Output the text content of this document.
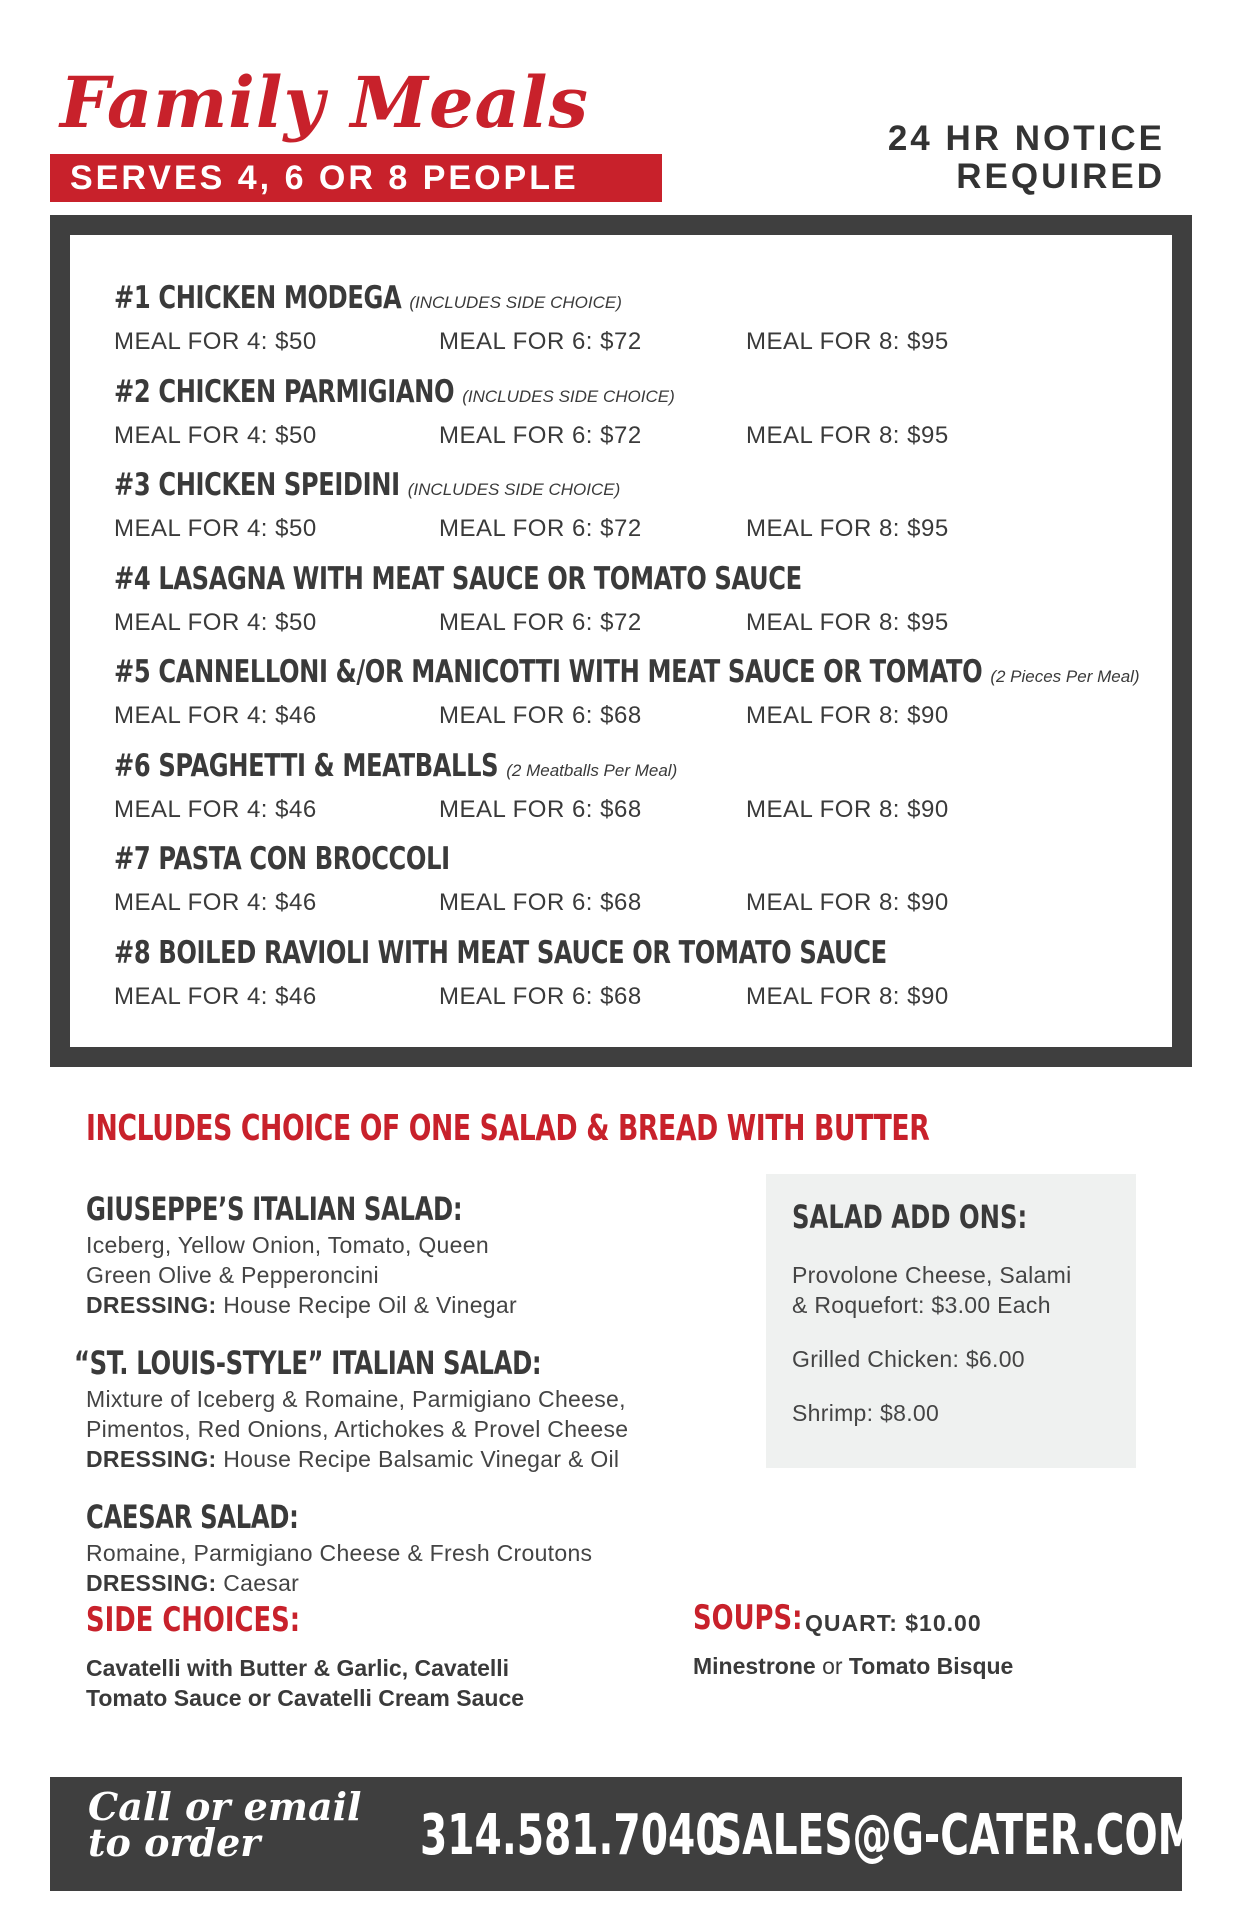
Family Meals
SERVES 4, 6 OR 8 PEOPLE
24 HR NOTICE
REQUIRED
#1 CHICKEN MODEGA (INCLUDES SIDE CHOICE)
MEAL FOR 4: $50	MEAL FOR 6: $72	MEAL FOR 8: $95
#2 CHICKEN PARMIGIANO (INCLUDES SIDE CHOICE)
MEAL FOR 4: $50	MEAL FOR 6: $72	MEAL FOR 8: $95
#3 CHICKEN SPEIDINI (INCLUDES SIDE CHOICE)
MEAL FOR 4: $50	MEAL FOR 6: $72	MEAL FOR 8: $95
#4 LASAGNA WITH MEAT SAUCE OR TOMATO SAUCE
MEAL FOR 4: $50	MEAL FOR 6: $72	MEAL FOR 8: $95
#5 CANNELLONI &/OR MANICOTTI WITH MEAT SAUCE OR TOMATO (2 Pieces Per Meal)
MEAL FOR 4: $46	MEAL FOR 6: $68	MEAL FOR 8: $90
#6 SPAGHETTI & MEATBALLS (2 Meatballs Per Meal)
MEAL FOR 4: $46	MEAL FOR 6: $68	MEAL FOR 8: $90
#7 PASTA CON BROCCOLI
MEAL FOR 4: $46	MEAL FOR 6: $68	MEAL FOR 8: $90
#8 BOILED RAVIOLI WITH MEAT SAUCE OR TOMATO SAUCE
MEAL FOR 4: $46	MEAL FOR 6: $68	MEAL FOR 8: $90
INCLUDES CHOICE OF ONE SALAD & BREAD WITH BUTTER
GIUSEPPE’S ITALIAN SALAD:
Iceberg, Yellow Onion, Tomato, Queen
Green Olive & Pepperoncini
DRESSING: House Recipe Oil & Vinegar
“ST. LOUIS-STYLE” ITALIAN SALAD:
Mixture of Iceberg & Romaine, Parmigiano Cheese,
Pimentos, Red Onions, Artichokes & Provel Cheese
DRESSING: House Recipe Balsamic Vinegar & Oil
CAESAR SALAD:
Romaine, Parmigiano Cheese & Fresh Croutons
DRESSING: Caesar
SALAD ADD ONS:
Provolone Cheese, Salami
& Roquefort: $3.00 Each
Grilled Chicken: $6.00
Shrimp: $8.00
SIDE CHOICES:
Cavatelli with Butter & Garlic, Cavatelli
Tomato Sauce or Cavatelli Cream Sauce
SOUPS: QUART: $10.00
Minestrone or Tomato Bisque
Call or email
to order	314.581.7040
SALES@G-CATER.COM
